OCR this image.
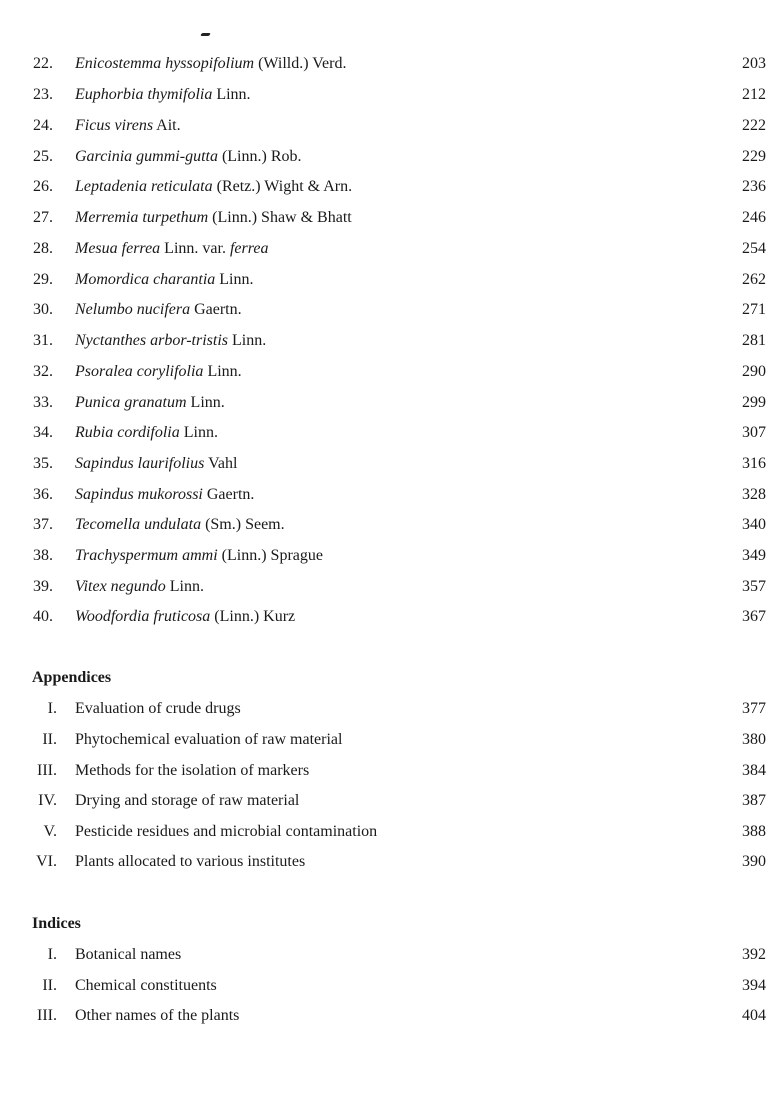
22.	Enicostemma hyssopifolium (Willd.) Verd.	203
23.	Euphorbia thymifolia Linn.	212
24.	Ficus virens Ait.	222
25.	Garcinia gummi-gutta (Linn.) Rob.	229
26.	Leptadenia reticulata (Retz.) Wight & Arn.	236
27.	Merremia turpethum (Linn.) Shaw & Bhatt	246
28.	Mesua ferrea Linn. var. ferrea	254
29.	Momordica charantia Linn.	262
30.	Nelumbo nucifera Gaertn.	271
31.	Nyctanthes arbor-tristis Linn.	281
32.	Psoralea corylifolia Linn.	290
33.	Punica granatum Linn.	299
34.	Rubia cordifolia Linn.	307
35.	Sapindus laurifolius Vahl	316
36.	Sapindus mukorossi Gaertn.	328
37.	Tecomella undulata (Sm.) Seem.	340
38.	Trachyspermum ammi (Linn.) Sprague	349
39.	Vitex negundo Linn.	357
40.	Woodfordia fruticosa (Linn.) Kurz	367
Appendices
I. Evaluation of crude drugs	377
II. Phytochemical evaluation of raw material	380
III. Methods for the isolation of markers	384
IV. Drying and storage of raw material	387
V. Pesticide residues and microbial contamination	388
VI. Plants allocated to various institutes	390
Indices
I. Botanical names	392
II. Chemical constituents	394
III. Other names of the plants	404
